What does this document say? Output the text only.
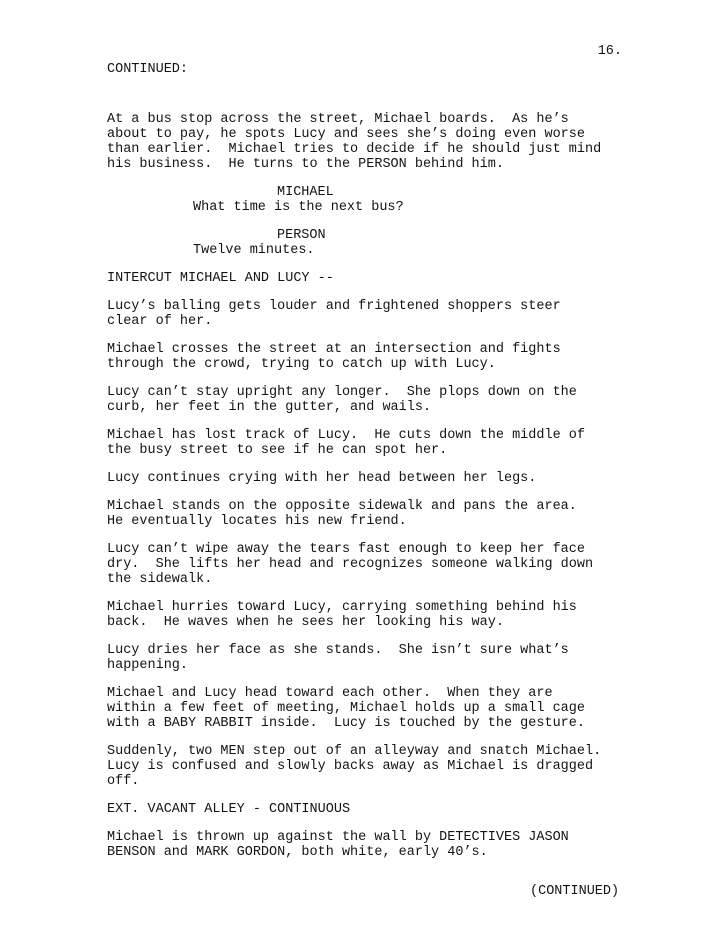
16.
CONTINUED:

At a bus stop across the street, Michael boards.  As he’s
about to pay, he spots Lucy and sees she’s doing even worse
than earlier.  Michael tries to decide if he should just mind
his business.  He turns to the PERSON behind him.

MICHAEL

What time is the next bus?

PERSON

Twelve minutes.

INTERCUT MICHAEL AND LUCY --

Lucy’s balling gets louder and frightened shoppers steer
clear of her.

Michael crosses the street at an intersection and fights
through the crowd, trying to catch up with Lucy.

Lucy can’t stay upright any longer.  She plops down on the
curb, her feet in the gutter, and wails.

Michael has lost track of Lucy.  He cuts down the middle of
the busy street to see if he can spot her.

Lucy continues crying with her head between her legs.

Michael stands on the opposite sidewalk and pans the area.
He eventually locates his new friend.

Lucy can’t wipe away the tears fast enough to keep her face
dry.  She lifts her head and recognizes someone walking down
the sidewalk.

Michael hurries toward Lucy, carrying something behind his
back.  He waves when he sees her looking his way.

Lucy dries her face as she stands.  She isn’t sure what’s
happening.

Michael and Lucy head toward each other.  When they are
within a few feet of meeting, Michael holds up a small cage
with a BABY RABBIT inside.  Lucy is touched by the gesture.

Suddenly, two MEN step out of an alleyway and snatch Michael.
Lucy is confused and slowly backs away as Michael is dragged
off.

EXT. VACANT ALLEY - CONTINUOUS

Michael is thrown up against the wall by DETECTIVES JASON
BENSON and MARK GORDON, both white, early 40’s.

(CONTINUED)
